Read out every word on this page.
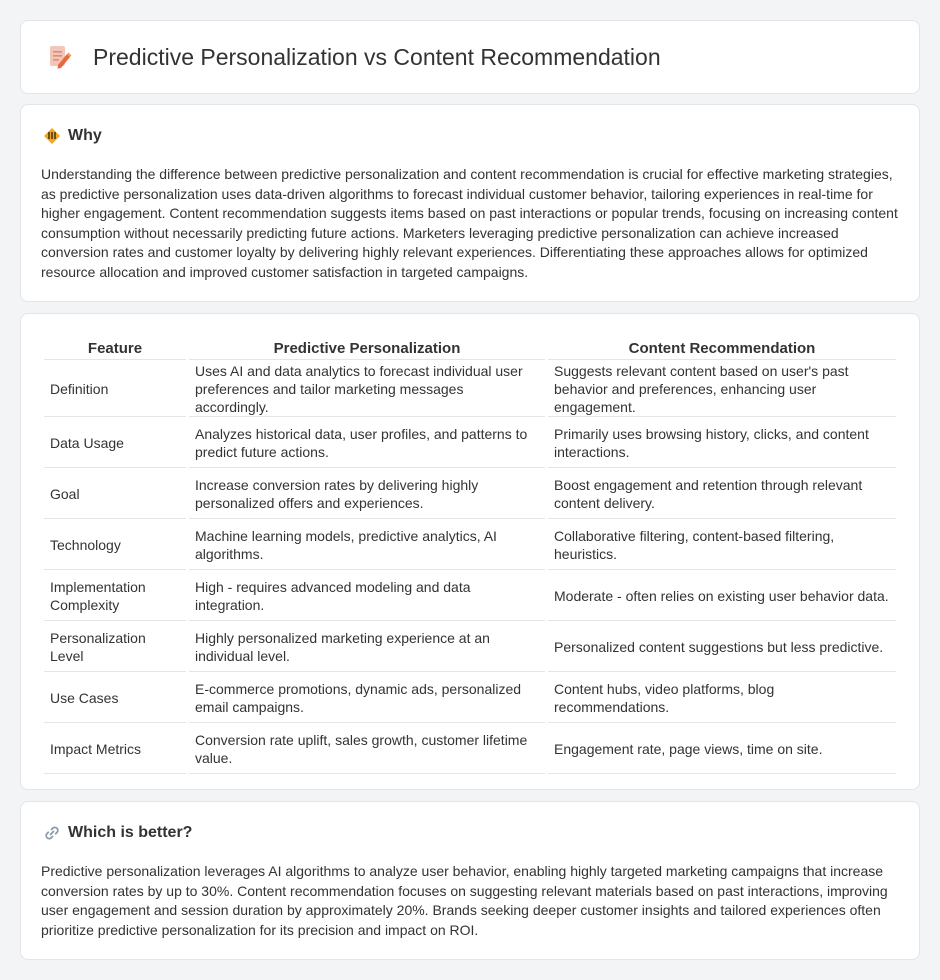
Predictive Personalization vs Content Recommendation
Why

Understanding the difference between predictive personalization and content recommendation is crucial for effective marketing strategies, as predictive personalization uses data-driven algorithms to forecast individual customer behavior, tailoring experiences in real-time for higher engagement. Content recommendation suggests items based on past interactions or popular trends, focusing on increasing content consumption without necessarily predicting future actions. Marketers leveraging predictive personalization can achieve increased conversion rates and customer loyalty by delivering highly relevant experiences. Differentiating these approaches allows for optimized resource allocation and improved customer satisfaction in targeted campaigns.

Feature	Predictive Personalization	Content Recommendation
Definition	Uses AI and data analytics to forecast individual user preferences and tailor marketing messages accordingly.	Suggests relevant content based on user's past behavior and preferences, enhancing user engagement.
Data Usage	Analyzes historical data, user profiles, and patterns to predict future actions.	Primarily uses browsing history, clicks, and content interactions.
Goal	Increase conversion rates by delivering highly personalized offers and experiences.	Boost engagement and retention through relevant content delivery.
Technology	Machine learning models, predictive analytics, AI algorithms.	Collaborative filtering, content-based filtering, heuristics.
Implementation Complexity	High - requires advanced modeling and data integration.	Moderate - often relies on existing user behavior data.
Personalization Level	Highly personalized marketing experience at an individual level.	Personalized content suggestions but less predictive.
Use Cases	E-commerce promotions, dynamic ads, personalized email campaigns.	Content hubs, video platforms, blog recommendations.
Impact Metrics	Conversion rate uplift, sales growth, customer lifetime value.	Engagement rate, page views, time on site.
Which is better?

Predictive personalization leverages AI algorithms to analyze user behavior, enabling highly targeted marketing campaigns that increase conversion rates by up to 30%. Content recommendation focuses on suggesting relevant materials based on past interactions, improving user engagement and session duration by approximately 20%. Brands seeking deeper customer insights and tailored experiences often prioritize predictive personalization for its precision and impact on ROI.
